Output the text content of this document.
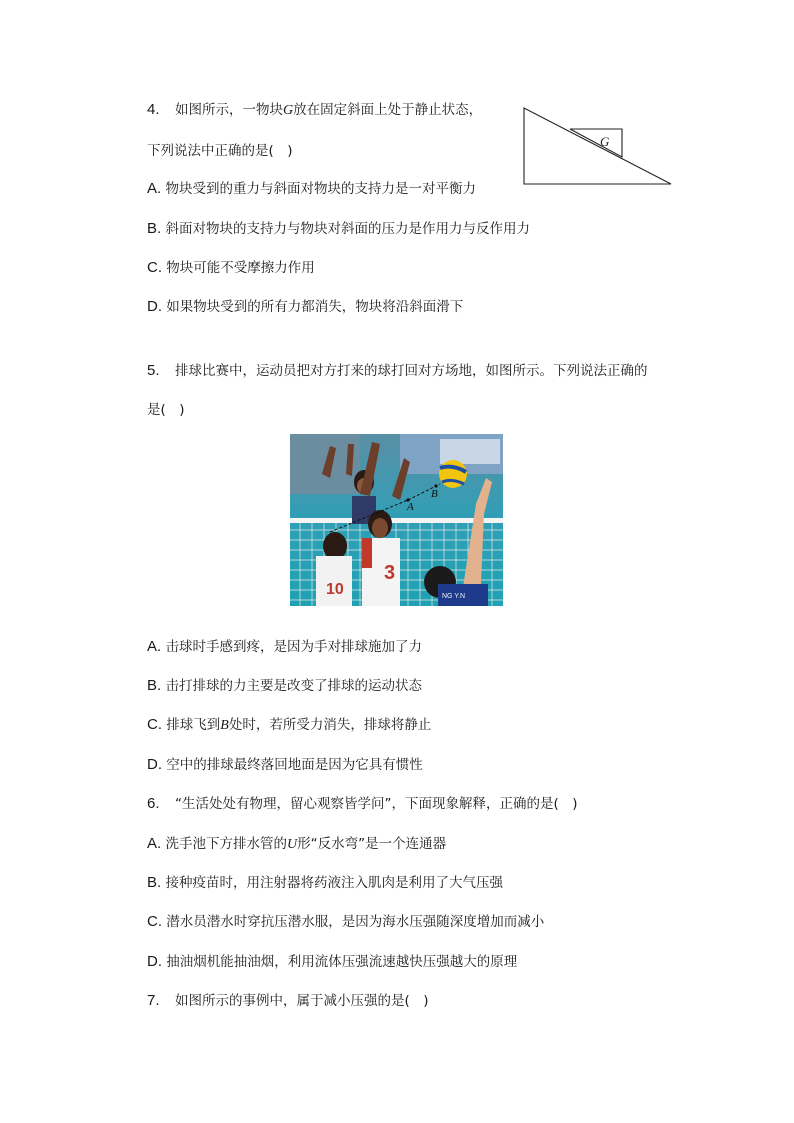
4. 如图所示，一物块G放在固定斜面上处于静止状态，
下列说法中正确的是(　)
G
A. 物块受到的重力与斜面对物块的支持力是一对平衡力
B. 斜面对物块的支持力与物块对斜面的压力是作用力与反作用力
C. 物块可能不受摩擦力作用
D. 如果物块受到的所有力都消失，物块将沿斜面滑下
5. 排球比赛中，运动员把对方打来的球打回对方场地，如图所示。下列说法正确的
是(　)
10
3
NG Y.N
A
B
A. 击球时手感到疼，是因为手对排球施加了力
B. 击打排球的力主要是改变了排球的运动状态
C. 排球飞到B处时，若所受力消失，排球将静止
D. 空中的排球最终落回地面是因为它具有惯性
6. “生活处处有物理，留心观察皆学问”，下面现象解释，正确的是(　)
A. 洗手池下方排水管的U形“反水弯”是一个连通器
B. 接种疫苗时，用注射器将药液注入肌肉是利用了大气压强
C. 潜水员潜水时穿抗压潜水服，是因为海水压强随深度增加而减小
D. 抽油烟机能抽油烟，利用流体压强流速越快压强越大的原理
7. 如图所示的事例中，属于减小压强的是(　)
